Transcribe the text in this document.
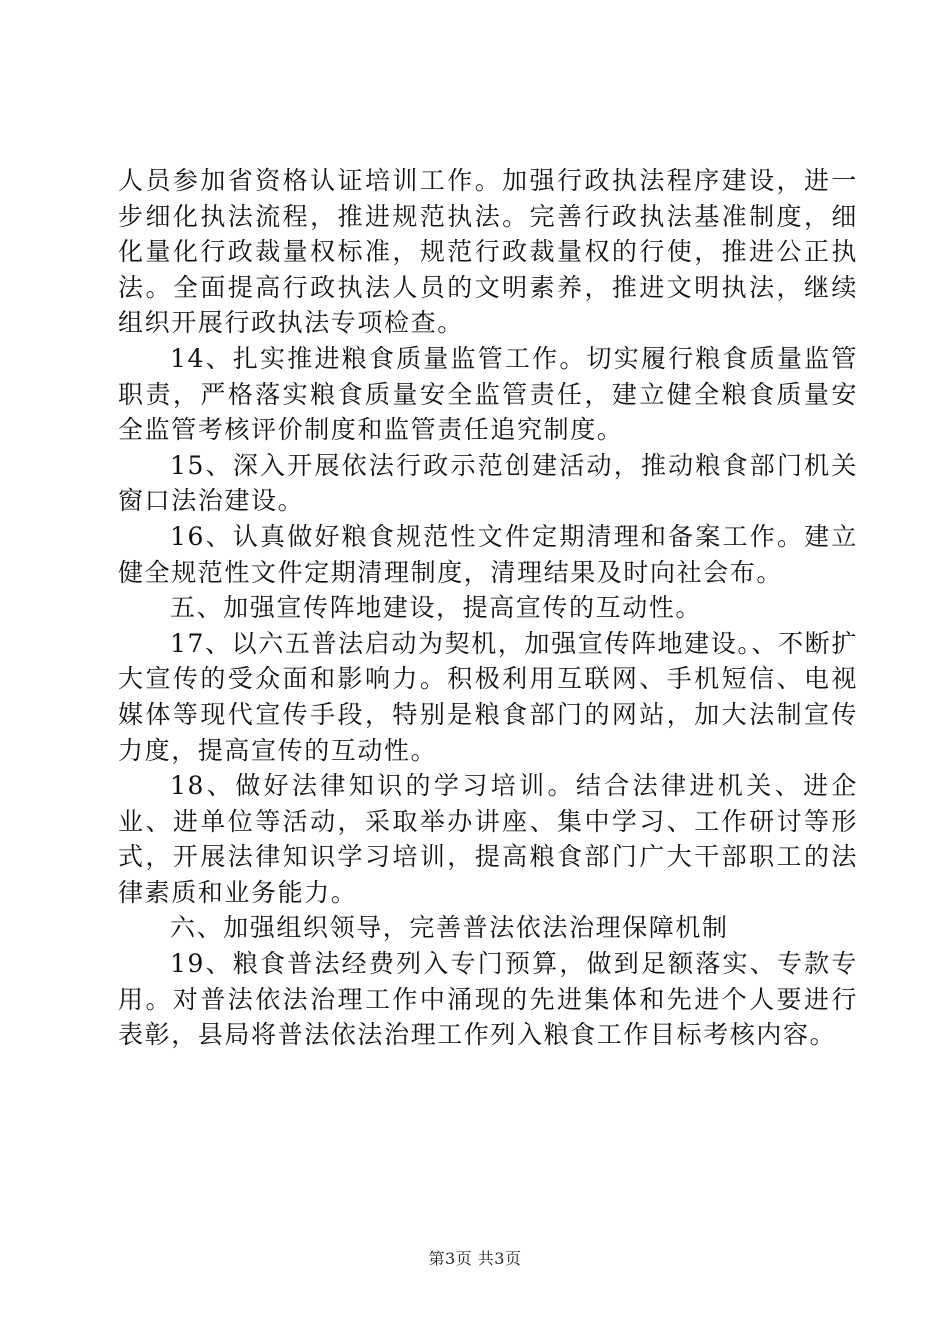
人员参加省资格认证培训工作。加强行政执法程序建设，进一步细化执法流程，推进规范执法。完善行政执法基准制度，细化量化行政裁量权标准，规范行政裁量权的行使，推进公正执法。全面提高行政执法人员的文明素养，推进文明执法，继续组织开展行政执法专项检查。

14、扎实推进粮食质量监管工作。切实履行粮食质量监管职责，严格落实粮食质量安全监管责任，建立健全粮食质量安全监管考核评价制度和监管责任追究制度。

15、深入开展依法行政示范创建活动，推动粮食部门机关窗口法治建设。

16、认真做好粮食规范性文件定期清理和备案工作。建立健全规范性文件定期清理制度，清理结果及时向社会布。

五、加强宣传阵地建设，提高宣传的互动性。

17、以六五普法启动为契机，加强宣传阵地建设。、不断扩大宣传的受众面和影响力。积极利用互联网、手机短信、电视媒体等现代宣传手段，特别是粮食部门的网站，加大法制宣传力度，提高宣传的互动性。

18、做好法律知识的学习培训。结合法律进机关、进企业、进单位等活动，采取举办讲座、集中学习、工作研讨等形式，开展法律知识学习培训，提高粮食部门广大干部职工的法律素质和业务能力。

六、加强组织领导，完善普法依法治理保障机制

19、粮食普法经费列入专门预算，做到足额落实、专款专用。对普法依法治理工作中涌现的先进集体和先进个人要进行表彰，县局将普法依法治理工作列入粮食工作目标考核内容。

第3页 共3页
